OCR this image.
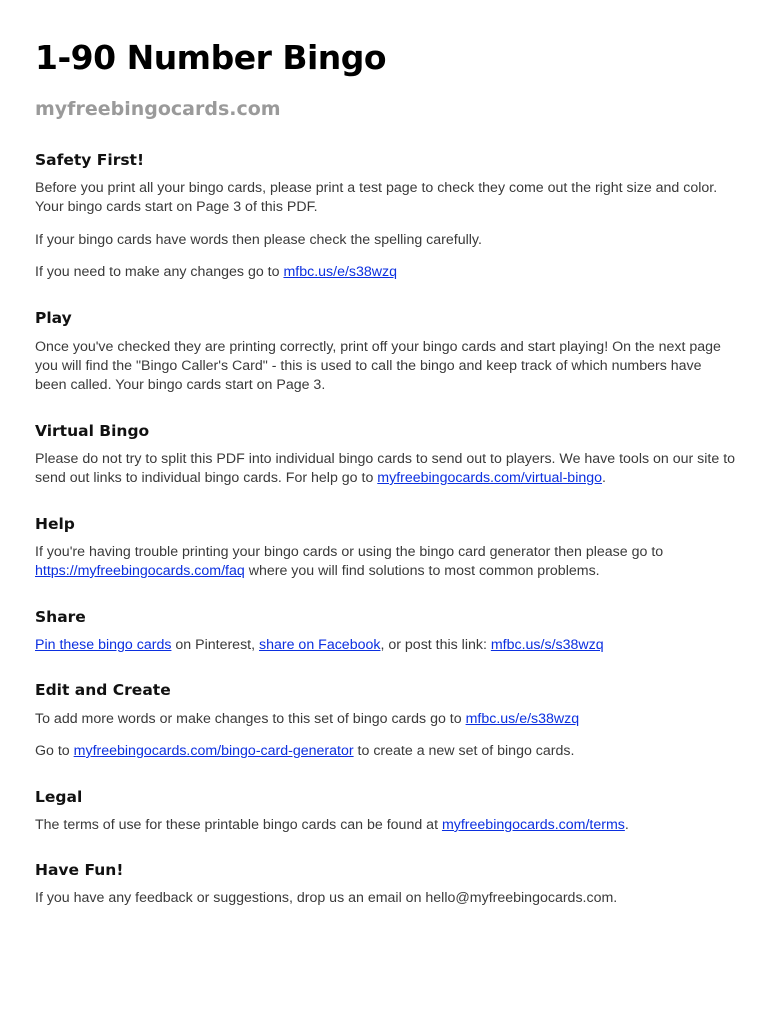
1-90 Number Bingo
myfreebingocards.com
Safety First!

Before you print all your bingo cards, please print a test page to check they come out the right size and color.
Your bingo cards start on Page 3 of this PDF.

If your bingo cards have words then please check the spelling carefully.

If you need to make any changes go to mfbc.us/e/s38wzq

Play

Once you've checked they are printing correctly, print off your bingo cards and start playing! On the next page
you will find the "Bingo Caller's Card" - this is used to call the bingo and keep track of which numbers have
been called. Your bingo cards start on Page 3.

Virtual Bingo

Please do not try to split this PDF into individual bingo cards to send out to players. We have tools on our site to
send out links to individual bingo cards. For help go to myfreebingocards.com/virtual-bingo.

Help

If you're having trouble printing your bingo cards or using the bingo card generator then please go to
https://myfreebingocards.com/faq where you will find solutions to most common problems.

Share

Pin these bingo cards on Pinterest, share on Facebook, or post this link: mfbc.us/s/s38wzq

Edit and Create

To add more words or make changes to this set of bingo cards go to mfbc.us/e/s38wzq

Go to myfreebingocards.com/bingo-card-generator to create a new set of bingo cards.

Legal

The terms of use for these printable bingo cards can be found at myfreebingocards.com/terms.

Have Fun!

If you have any feedback or suggestions, drop us an email on hello@myfreebingocards.com.
